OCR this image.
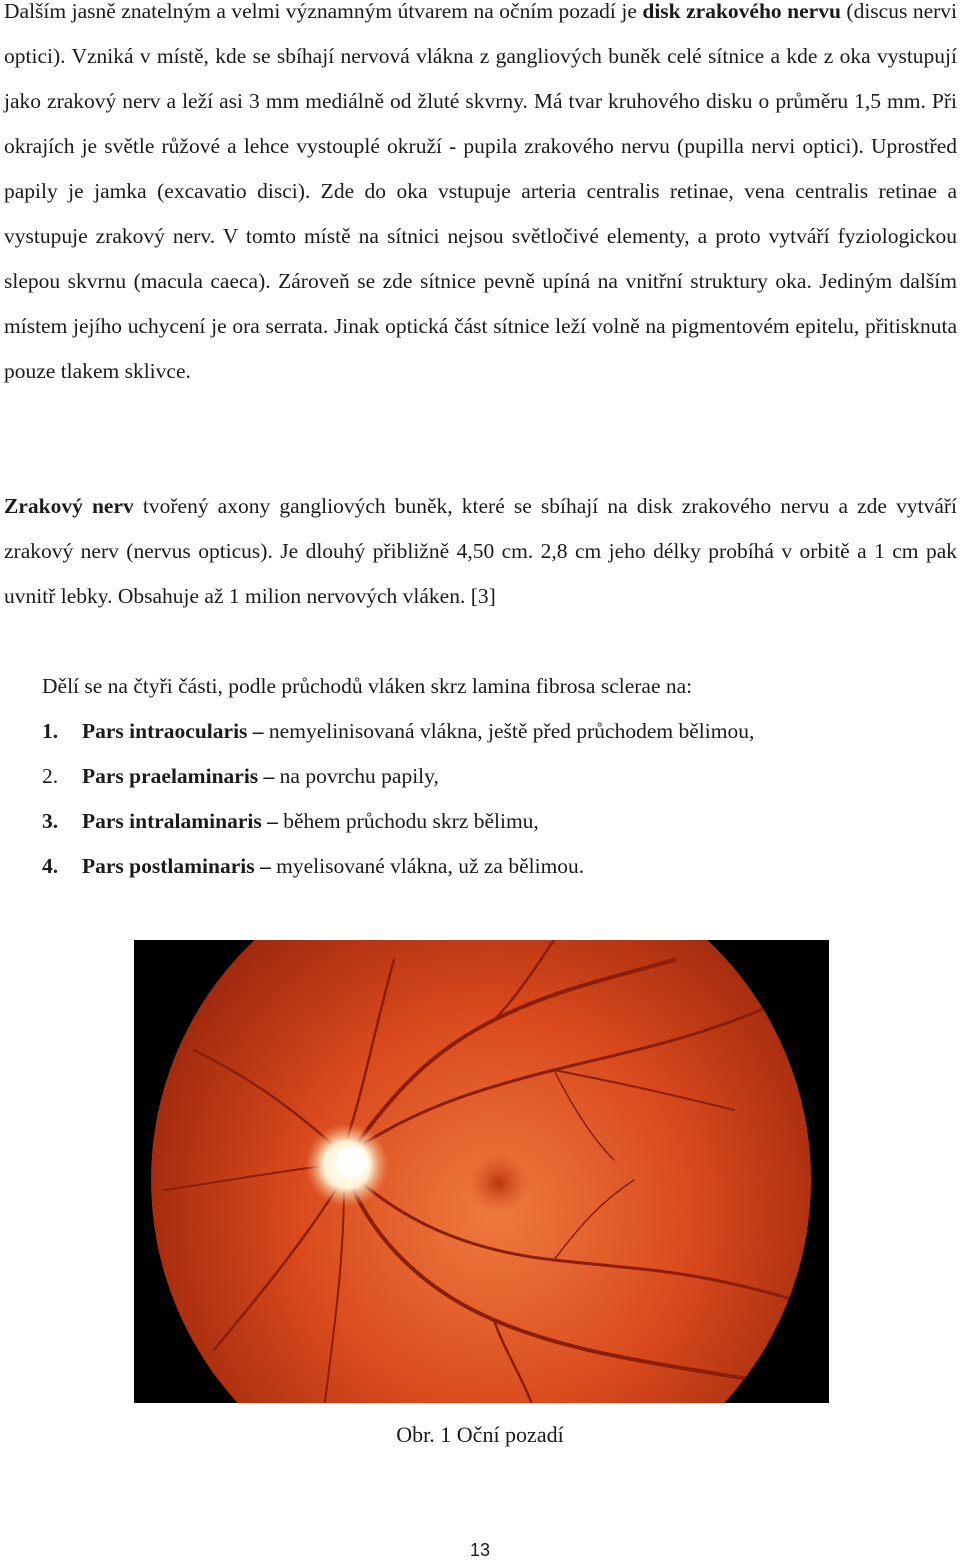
Dalším jasně znatelným a velmi významným útvarem na očním pozadí je disk zrakového nervu (discus nervi optici). Vzniká v místě, kde se sbíhají nervová vlákna z gangliových buněk celé sítnice a kde z oka vystupují jako zrakový nerv a leží asi 3 mm mediálně od žluté skvrny. Má tvar kruhového disku o průměru 1,5 mm. Při okrajích je světle růžové a lehce vystouplé okruží - pupila zrakového nervu (pupilla nervi optici). Uprostřed papily je jamka (excavatio disci). Zde do oka vstupuje arteria centralis retinae, vena centralis retinae a vystupuje zrakový nerv. V tomto místě na sítnici nejsou světločivé elementy, a proto vytváří fyziologickou slepou skvrnu (macula caeca). Zároveň se zde sítnice pevně upíná na vnitřní struktury oka. Jediným dalším místem jejího uchycení je ora serrata. Jinak optická část sítnice leží volně na pigmentovém epitelu, přitisknuta pouze tlakem sklivce.

Zrakový nerv tvořený axony gangliových buněk, které se sbíhají na disk zrakového nervu a zde vytváří zrakový nerv (nervus opticus). Je dlouhý přibližně 4,50 cm. 2,8 cm jeho délky probíhá v orbitě a 1 cm pak uvnitř lebky. Obsahuje až 1 milion nervových vláken. [3]

Dělí se na čtyři části, podle průchodů vláken skrz lamina fibrosa sclerae na:

1. Pars intraocularis – nemyelinisovaná vlákna, ještě před průchodem bělimou,
2. Pars praelaminaris – na povrchu papily,
3. Pars intralaminaris – během průchodu skrz bělimu,
4. Pars postlaminaris – myelisované vlákna, už za bělimou.
Obr. 1 Oční pozadí
13
